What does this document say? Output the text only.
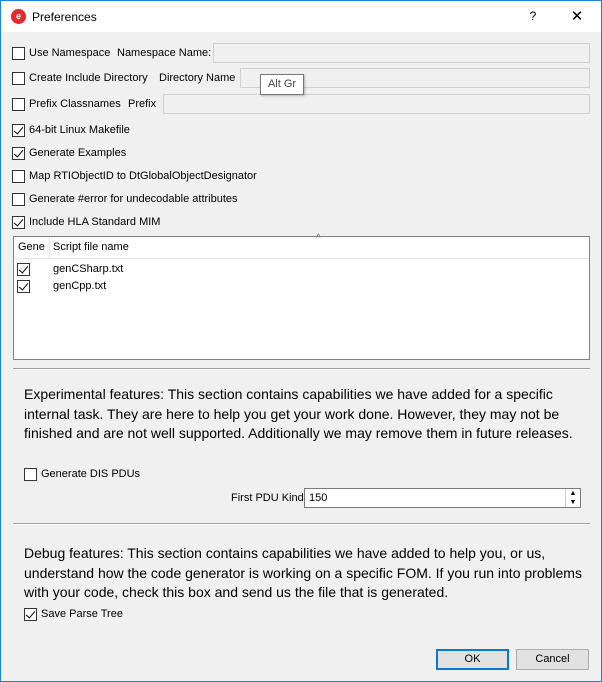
e Preferences	?	✕
Use Namespace Namespace Name:
Create Include Directory Directory Name
Prefix Classnames Prefix
Alt Gr
64-bit Linux Makefile
Generate Examples
Map RTIObjectID to DtGlobalObjectDesignator
Generate #error for undecodable attributes
Include HLA Standard MIM
Gene Script file name
^
genCSharp.txt
genCpp.txt
Experimental features: This section contains capabilities we have added for a specific internal task. They are here to help you get your work done. However, they may not be finished and are not well supported. Additionally we may remove them in future releases.
Generate DIS PDUs
First PDU Kind 150	▲
▼
Debug features: This section contains capabilities we have added to help you, or us, understand how the code generator is working on a specific FOM. If you run into problems with your code, check this box and send us the file that is generated.
Save Parse Tree
OK	Cancel
